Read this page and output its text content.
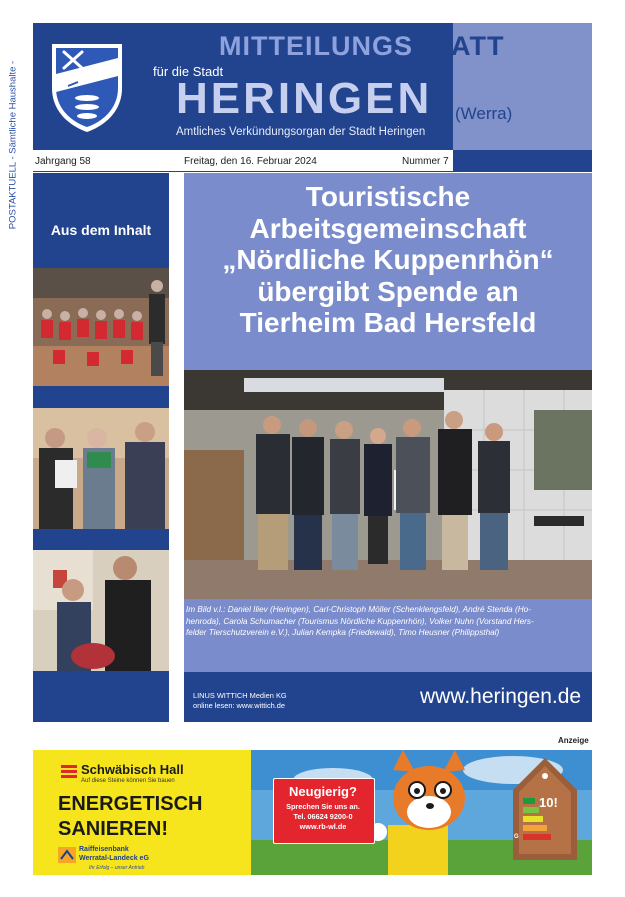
POSTAKTUELL - Sämtliche Haushalte -
MITTEILUNGSBLATT
für die Stadt
HERINGEN (Werra)
Amtliches Verkündungsorgan der Stadt Heringen
Jahrgang 58	Freitag, den 16. Februar 2024	Nummer 7
Aus dem Inhalt
Touristische
Arbeitsgemeinschaft
„Nördliche Kuppenrhön“
übergibt Spende an
Tierheim Bad Hersfeld
Im Bild v.l.: Daniel Iliev (Heringen), Carl-Christoph Möller (Schenklengsfeld), André Stenda (Ho-
henroda), Carola Schumacher (Tourismus Nördliche Kuppenrhön), Volker Nuhn (Vorstand Hers-
felder Tierschutzverein e.V.), Julian Kempka (Friedewald), Timo Heusner (Philippsthal)
LINUS WITTICH Medien KG
online lesen: www.wittich.de	www.heringen.de
Anzeige
10!
G
Schwäbisch Hall
Auf diese Steine können Sie bauen
ENERGETISCH
SANIEREN!
Raiffeisenbank
Werratal-Landeck eG
Ihr Erfolg – unser Antrieb
Neugierig?
Sprechen Sie uns an.
Tel. 06624 9200-0
www.rb-wl.de
